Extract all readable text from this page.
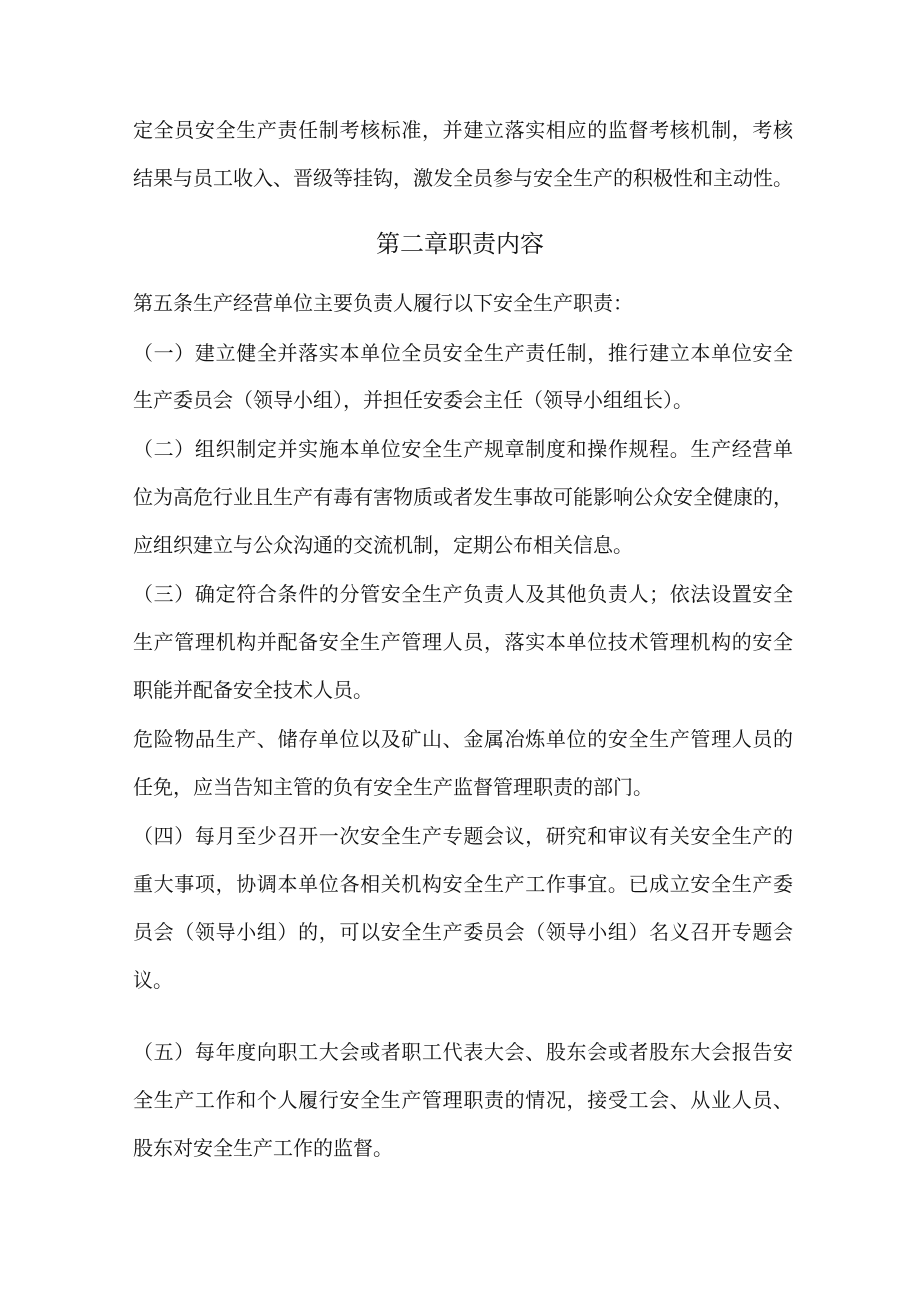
定全员安全生产责任制考核标准，并建立落实相应的监督考核机制，考核
结果与员工收入、晋级等挂钩，激发全员参与安全生产的积极性和主动性。
第二章职责内容
第五条生产经营单位主要负责人履行以下安全生产职责：
（一）建立健全并落实本单位全员安全生产责任制，推行建立本单位安全
生产委员会（领导小组），并担任安委会主任（领导小组组长）。
（二）组织制定并实施本单位安全生产规章制度和操作规程。生产经营单
位为高危行业且生产有毒有害物质或者发生事故可能影响公众安全健康的，
应组织建立与公众沟通的交流机制，定期公布相关信息。
（三）确定符合条件的分管安全生产负责人及其他负责人；依法设置安全
生产管理机构并配备安全生产管理人员，落实本单位技术管理机构的安全
职能并配备安全技术人员。
危险物品生产、储存单位以及矿山、金属冶炼单位的安全生产管理人员的
任免，应当告知主管的负有安全生产监督管理职责的部门。
（四）每月至少召开一次安全生产专题会议，研究和审议有关安全生产的
重大事项，协调本单位各相关机构安全生产工作事宜。已成立安全生产委
员会（领导小组）的，可以安全生产委员会（领导小组）名义召开专题会
议。
（五）每年度向职工大会或者职工代表大会、股东会或者股东大会报告安
全生产工作和个人履行安全生产管理职责的情况，接受工会、从业人员、
股东对安全生产工作的监督。
